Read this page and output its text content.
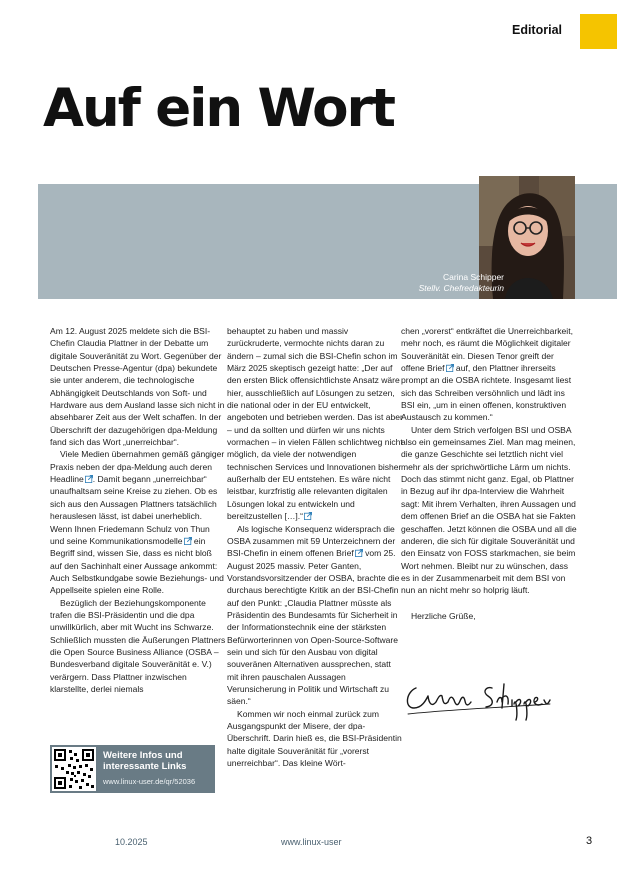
Editorial
Auf ein Wort
Carina Schipper
Stellv. Chefredakteurin

Am 12. August 2025 meldete sich die BSI-Chefin Claudia Plattner in der Debatte um digitale Souveränität zu Wort. Gegenüber der Deutschen Presse-Agentur (dpa) bekundete sie unter anderem, die technologische Abhängigkeit Deutschlands von Soft- und Hardware aus dem Ausland lasse sich nicht in absehbarer Zeit aus der Welt schaffen. In der Überschrift der dazugehörigen dpa-Meldung fand sich das Wort „unerreichbar“.

Viele Medien übernahmen gemäß gängiger Praxis neben der dpa-Meldung auch deren Headline . Damit begann „unerreichbar“ unaufhaltsam seine Kreise zu ziehen. Ob es sich aus den Aussagen Plattners tatsächlich herauslesen lässt, ist dabei unerheblich. Wenn Ihnen Friedemann Schulz von Thun und seine Kommunikationsmodelle ein Begriff sind, wissen Sie, dass es nicht bloß auf den Sachinhalt einer Aussage ankommt: Auch Selbstkundgabe sowie Beziehungs- und Appellseite spielen eine Rolle.

Bezüglich der Beziehungskomponente trafen die BSI-Präsidentin und die dpa unwillkürlich, aber mit Wucht ins Schwarze. Schließlich mussten die Äußerungen Plattners die Open Source Business Alliance (OSBA – Bundesverband digitale Souveränität e. V.) verärgern. Dass Plattner inzwischen klarstellte, derlei niemals

behauptet zu haben und massiv zurückruderte, vermochte nichts daran zu ändern – zumal sich die BSI-Chefin schon im März 2025 skeptisch gezeigt hatte: „Der auf den ersten Blick offensichtlichste Ansatz wäre hier, ausschließlich auf Lösungen zu setzen, die national oder in der EU entwickelt, angeboten und betrieben werden. Das ist aber – und da sollten und dürfen wir uns nichts vormachen – in vielen Fällen schlichtweg nicht möglich, da viele der notwendigen technischen Services und Innovationen bisher außerhalb der EU entstehen. Es wäre nicht leistbar, kurzfristig alle relevanten digitalen Lösungen lokal zu entwickeln und bereitzustellen […].“

Als logische Konsequenz widersprach die OSBA zusammen mit 59 Unterzeichnern der BSI-Chefin in einem offenen Brief vom 25. August 2025 massiv. Peter Ganten, Vorstandsvorsitzender der OSBA, brachte die durchaus berechtigte Kritik an der BSI-Chefin auf den Punkt: „Claudia Plattner müsste als Präsidentin des Bundesamts für Sicherheit in der Informationstechnik eine der stärksten Befürworterinnen von Open-Source-Software sein und sich für den Ausbau von digital souveränen Alternativen aussprechen, statt mit ihren pauschalen Aussagen Verunsicherung in Politik und Wirtschaft zu säen.“

Kommen wir noch einmal zurück zum Ausgangspunkt der Misere, der dpa-Überschrift. Darin hieß es, die BSI-Präsidentin halte digitale Souveränität für „vorerst unerreichbar“. Das kleine Wört-

chen „vorerst“ entkräftet die Unerreichbarkeit, mehr noch, es räumt die Möglichkeit digitaler Souveränität ein. Diesen Tenor greift der offene Brief auf, den Plattner ihrerseits prompt an die OSBA richtete. Insgesamt liest sich das Schreiben versöhnlich und lädt ins BSI ein, „um in einen offenen, konstruktiven Austausch zu kommen.“

Unter dem Strich verfolgen BSI und OSBA also ein gemeinsames Ziel. Man mag meinen, die ganze Geschichte sei letztlich nicht viel mehr als der sprichwörtliche Lärm um nichts. Doch das stimmt nicht ganz. Egal, ob Plattner in Bezug auf ihr dpa-Interview die Wahrheit sagt: Mit ihrem Verhalten, ihren Aussagen und dem offenen Brief an die OSBA hat sie Fakten geschaffen. Jetzt können die OSBA und all die anderen, die sich für digitale Souveränität und den Einsatz von FOSS starkmachen, sie beim Wort nehmen. Bleibt nur zu wünschen, dass es in der Zusammenarbeit mit dem BSI von nun an nicht mehr so holprig läuft.

Herzliche Grüße,

Weitere Infos und interessante Links
www.linux-user.de/qr/52036
10.2025	www.linux-user	3
